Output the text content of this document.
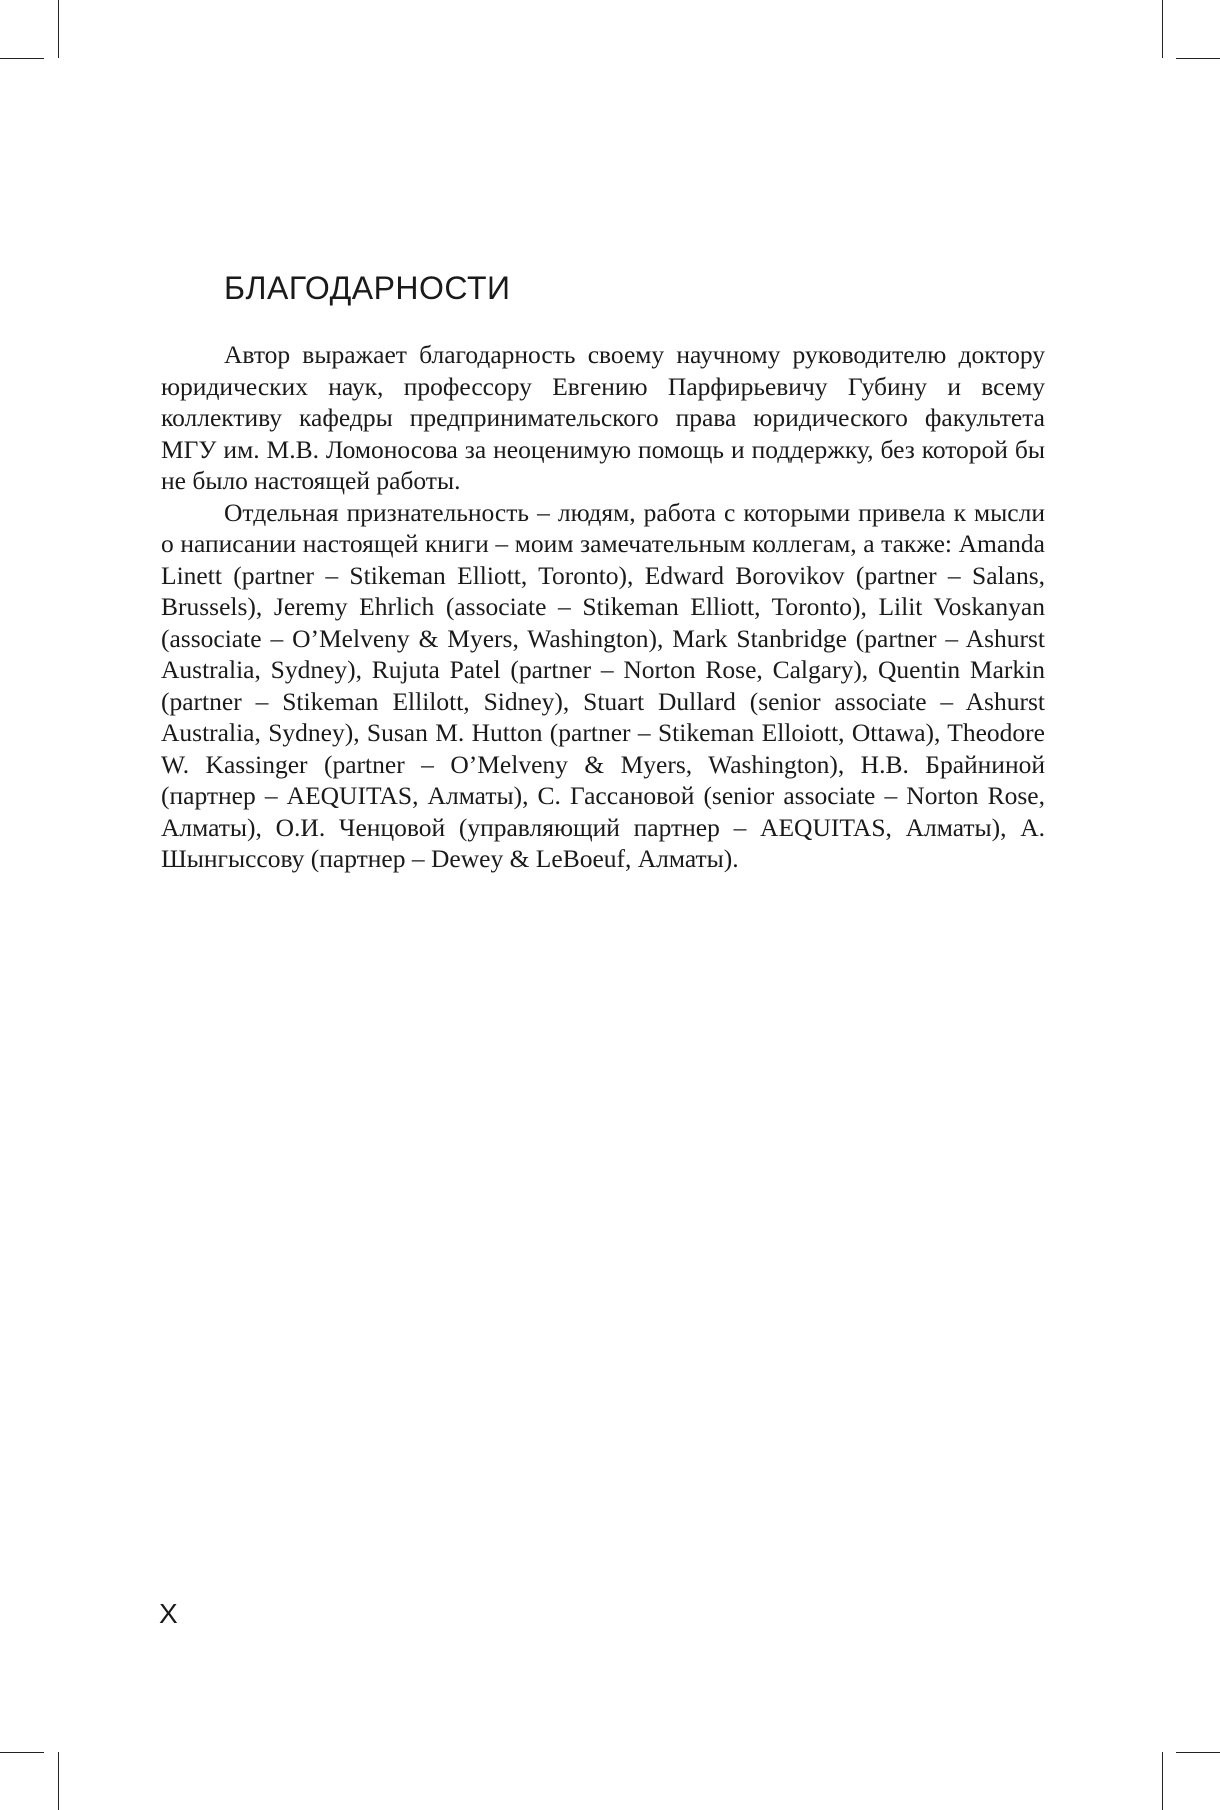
БЛАГОДАРНОСТИ

Автор выражает благодарность своему научному руководителю доктору юридических наук, профессору Евгению Парфирьевичу Губину и всему коллективу кафедры предпринимательского права юридического факультета МГУ им. М.В. Ломоносова за неоценимую помощь и поддержку, без которой бы не было настоящей работы.

Отдельная признательность – людям, работа с которыми привела к мысли о написании настоящей книги – моим замечательным коллегам, а также: Amanda Linett (partner – Stikeman Elliott, Toronto), Edward Borovikov (partner – Salans, Brussels), Jeremy Ehrlich (associate – Stikeman Elliott, Toronto), Lilit Voskanyan (associate – O’Melveny & Myers, Washington), Mark Stanbridge (partner – Ashurst Australia, Sydney), Rujuta Patel (partner – Norton Rose, Calgary), Quentin Markin (partner – Stikeman Ellilott, Sidney), Stuart Dullard (senior associate – Ashurst Australia, Sydney), Susan M. Hutton (partner – Stikeman Elloiott, Ottawa), Theodore W. Kassinger (partner – O’Melveny & Myers, Washington), Н.В. Брайниной (партнер – AEQUITAS, Алматы), С. Гассановой (senior associate – Norton Rose, Алматы), О.И. Ченцовой (управляющий партнер – AEQUITAS, Алматы), А. Шынгыссову (партнер – Dewey & LeBoeuf, Алматы).

X
